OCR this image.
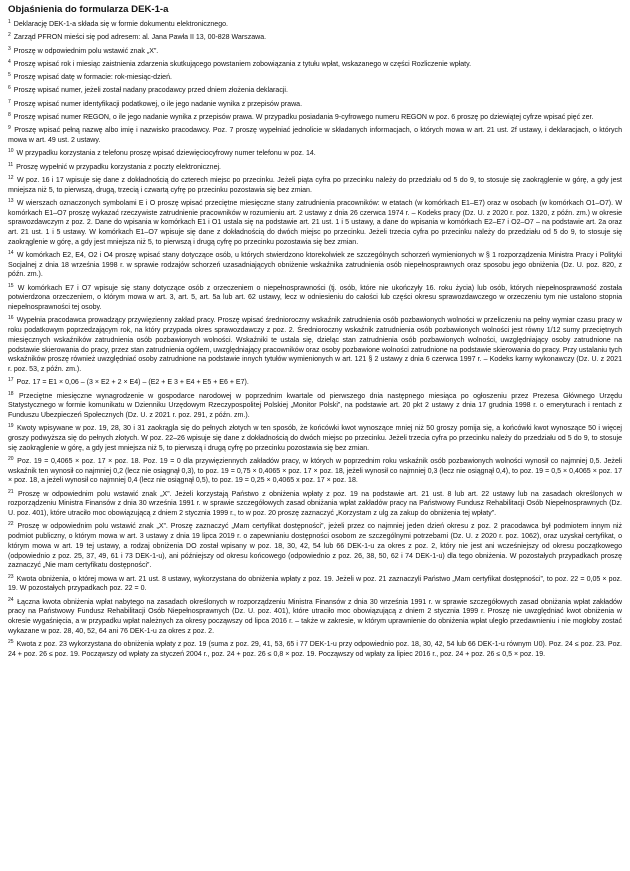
Objaśnienia do formularza DEK-1-a

$^1$ Deklarację DEK-1-a składa się w formie dokumentu elektronicznego.

$^2$ Zarząd PFRON mieści się pod adresem: al. Jana Pawła II 13, 00-828 Warszawa.

$^3$ Proszę w odpowiednim polu wstawić znak „X”.

$^4$ Proszę wpisać rok i miesiąc zaistnienia zdarzenia skutkującego powstaniem zobowiązania z tytułu wpłat, wskazanego w części Rozliczenie wpłaty.

$^5$ Proszę wpisać datę w formacie: rok-miesiąc-dzień.

$^6$ Proszę wpisać numer, jeżeli został nadany pracodawcy przed dniem złożenia deklaracji.

$^7$ Proszę wpisać numer identyfikacji podatkowej, o ile jego nadanie wynika z przepisów prawa.

$^8$ Proszę wpisać numer REGON, o ile jego nadanie wynika z przepisów prawa. W przypadku posiadania 9-cyfrowego numeru REGON w poz. 6 proszę po dziewiątej cyfrze wpisać pięć zer.

$^9$ Proszę wpisać pełną nazwę albo imię i nazwisko pracodawcy. Poz. 7 proszę wypełniać jednolicie w składanych informacjach, o których mowa w art. 21 ust. 2f ustawy, i deklaracjach, o których mowa w art. 49 ust. 2 ustawy.

$^{10}$ W przypadku korzystania z telefonu proszę wpisać dziewięciocyfrowy numer telefonu w poz. 14.

$^{11}$ Proszę wypełnić w przypadku korzystania z poczty elektronicznej.

$^{12}$ W poz. 16 i 17 wpisuje się dane z dokładnością do czterech miejsc po przecinku. Jeżeli piąta cyfra po przecinku należy do przedziału od 5 do 9, to stosuje się zaokrąglenie w górę, a gdy jest mniejsza niż 5, to pierwszą, drugą, trzecią i czwartą cyfrę po przecinku pozostawia się bez zmian.

$^{13}$ W wierszach oznaczonych symbolami E i O proszę wpisać przeciętne miesięczne stany zatrudnienia pracowników: w etatach (w komórkach E1–E7) oraz w osobach (w komórkach O1–O7). W komórkach E1–O7 proszę wykazać rzeczywiste zatrudnienie pracowników w rozumieniu art. 2 ustawy z dnia 26 czerwca 1974 r. – Kodeks pracy (Dz. U. z 2020 r. poz. 1320, z późn. zm.) w okresie sprawozdawczym z poz. 2. Dane do wpisania w komórkach E1 i O1 ustala się na podstawie art. 21 ust. 1 i 5 ustawy, a dane do wpisania w komórkach E2–E7 i O2–O7 – na podstawie art. 2a oraz art. 21 ust. 1 i 5 ustawy. W komórkach E1–O7 wpisuje się dane z dokładnością do dwóch miejsc po przecinku. Jeżeli trzecia cyfra po przecinku należy do przedziału od 5 do 9, to stosuje się zaokrąglenie w górę, a gdy jest mniejsza niż 5, to pierwszą i drugą cyfrę po przecinku pozostawia się bez zmian.

$^{14}$ W komórkach E2, E4, O2 i O4 proszę wpisać stany dotyczące osób, u których stwierdzono ktorekolwiek ze szczególnych schorzeń wymienionych w § 1 rozporządzenia Ministra Pracy i Polityki Socjalnej z dnia 18 września 1998 r. w sprawie rodzajów schorzeń uzasadniających obniżenie wskaźnika zatrudnienia osób niepełnosprawnych oraz sposobu jego obniżenia (Dz. U. poz. 820, z późn. zm.).

$^{15}$ W komórkach E7 i O7 wpisuje się stany dotyczące osób z orzeczeniem o niepełnosprawności (tj. osób, które nie ukończyły 16. roku życia) lub osób, których niepełnosprawność została potwierdzona orzeczeniem, o którym mowa w art. 3, art. 5, art. 5a lub art. 62 ustawy, lecz w odniesieniu do całości lub części okresu sprawozdawczego w orzeczeniu tym nie ustalono stopnia niepełnosprawności tej osoby.

$^{16}$ Wypełnia pracodawca prowadzący przywięzienny zakład pracy. Proszę wpisać średnioroczny wskaźnik zatrudnienia osób pozbawionych wolności w przeliczeniu na pełny wymiar czasu pracy w roku podatkowym poprzedzającym rok, na który przypada okres sprawozdawczy z poz. 2. Średnioroczny wskaźnik zatrudnienia osób pozbawionych wolności jest równy 1/12 sumy przeciętnych miesięcznych wskaźników zatrudnienia osób pozbawionych wolności. Wskaźniki te ustala się, dzieląc stan zatrudnienia osób pozbawionych wolności, uwzględniający osoby zatrudnione na podstawie skierowania do pracy, przez stan zatrudnienia ogółem, uwzględniający pracowników oraz osoby pozbawione wolności zatrudnione na podstawie skierowania do pracy. Przy ustalaniu tych wskaźników proszę również uwzględniać osoby zatrudnione na podstawie innych tytułów wymienionych w art. 121 § 2 ustawy z dnia 6 czerwca 1997 r. – Kodeks karny wykonawczy (Dz. U. z 2021 r. poz. 53, z późn. zm.).

$^{17}$ Poz. 17 = E1 × 0,06 – (3 × E2 + 2 × E4) – (E2 + E 3 + E4 + E5 + E6 + E7).

$^{18}$ Przeciętne miesięczne wynagrodzenie w gospodarce narodowej w poprzednim kwartale od pierwszego dnia następnego miesiąca po ogłoszeniu przez Prezesa Głównego Urzędu Statystycznego w formie komunikatu w Dzienniku Urzędowym Rzeczypospolitej Polskiej „Monitor Polski”, na podstawie art. 20 pkt 2 ustawy z dnia 17 grudnia 1998 r. o emeryturach i rentach z Funduszu Ubezpieczeń Społecznych (Dz. U. z 2021 r. poz. 291, z późn. zm.).

$^{19}$ Kwoty wpisywane w poz. 19, 28, 30 i 31 zaokrągla się do pełnych złotych w ten sposób, że końcówki kwot wynoszące mniej niż 50 groszy pomija się, a końcówki kwot wynoszące 50 i więcej groszy podwyższa się do pełnych złotych. W poz. 22–26 wpisuje się dane z dokładnością do dwóch miejsc po przecinku. Jeżeli trzecia cyfra po przecinku należy do przedziału od 5 do 9, to stosuje się zaokrąglenie w górę, a gdy jest mniejsza niż 5, to pierwszą i drugą cyfrę po przecinku pozostawia się bez zmian.

$^{20}$ Poz. 19 = 0,4065 × poz. 17 × poz. 18. Poz. 19 = 0 dla przywięziennych zakładów pracy, w których w poprzednim roku wskaźnik osób pozbawionych wolności wynosił co najmniej 0,5. Jeżeli wskaźnik ten wynosił co najmniej 0,2 (lecz nie osiągnął 0,3), to poz. 19 = 0,75 × 0,4065 × poz. 17 × poz. 18, jeżeli wynosił co najmniej 0,3 (lecz nie osiągnął 0,4), to poz. 19 = 0,5 × 0,4065 × poz. 17 × poz. 18, a jeżeli wynosił co najmniej 0,4 (lecz nie osiągnął 0,5), to poz. 19 = 0,25 × 0,4065 x poz. 17 × poz. 18.

$^{21}$ Proszę w odpowiednim polu wstawić znak „X”. Jeżeli korzystają Państwo z obniżenia wpłaty z poz. 19 na podstawie art. 21 ust. 8 lub art. 22 ustawy lub na zasadach określonych w rozporządzeniu Ministra Finansów z dnia 30 września 1991 r. w sprawie szczegółowych zasad obniżania wpłat zakładów pracy na Państwowy Fundusz Rehabilitacji Osób Niepełnosprawnych (Dz. U. poz. 401), które utraciło moc obowiązującą z dniem 2 stycznia 1999 r., to w poz. 20 proszę zaznaczyć „Korzystam z ulg za zakup do obniżenia tej wpłaty”.

$^{22}$ Proszę w odpowiednim polu wstawić znak „X”. Proszę zaznaczyć „Mam certyfikat dostępności”, jeżeli przez co najmniej jeden dzień okresu z poz. 2 pracodawca był podmiotem innym niż podmiot publiczny, o którym mowa w art. 3 ustawy z dnia 19 lipca 2019 r. o zapewnianiu dostępności osobom ze szczególnymi potrzebami (Dz. U. z 2020 r. poz. 1062), oraz uzyskał certyfikat, o którym mowa w art. 19 tej ustawy, a rodzaj obniżenia DO został wpisany w poz. 18, 30, 42, 54 lub 66 DEK-1-u za okres z poz. 2, który nie jest ani wcześniejszy od okresu początkowego (odpowiednio z poz. 25, 37, 49, 61 i 73 DEK-1-u), ani późniejszy od okresu końcowego (odpowiednio z poz. 26, 38, 50, 62 i 74 DEK-1-u) dla tego obniżenia. W pozostałych przypadkach proszę zaznaczyć „Nie mam certyfikatu dostępności”.

$^{23}$ Kwota obniżenia, o której mowa w art. 21 ust. 8 ustawy, wykorzystana do obniżenia wpłaty z poz. 19. Jeżeli w poz. 21 zaznaczyli Państwo „Mam certyfikat dostępności”, to poz. 22 = 0,05 × poz. 19. W pozostałych przypadkach poz. 22 = 0.

$^{24}$ Łączna kwota obniżenia wpłat nabytego na zasadach określonych w rozporządzeniu Ministra Finansów z dnia 30 września 1991 r. w sprawie szczegółowych zasad obniżania wpłat zakładów pracy na Państwowy Fundusz Rehabilitacji Osób Niepełnosprawnych (Dz. U. poz. 401), które utraciło moc obowiązującą z dniem 2 stycznia 1999 r. Proszę nie uwzględniać kwot obniżenia w okresie wygaśnięcia, a w przypadku wpłat należnych za okresy począwszy od lipca 2016 r. – także w zakresie, w którym uprawnienie do obniżenia wpłat uległo przedawnieniu i nie mogłoby zostać wykazane w poz. 28, 40, 52, 64 ani 76 DEK-1-u za okres z poz. 2.

$^{25}$ Kwota z poz. 23 wykorzystana do obniżenia wpłaty z poz. 19 (suma z poz. 29, 41, 53, 65 i 77 DEK-1-u przy odpowiednio poz. 18, 30, 42, 54 lub 66 DEK-1-u równym U0). Poz. 24 ≤ poz. 23. Poz. 24 + poz. 26 ≤ poz. 19. Począwszy od wpłaty za styczeń 2004 r., poz. 24 + poz. 26 ≤ 0,8 × poz. 19. Począwszy od wpłaty za lipiec 2016 r., poz. 24 + poz. 26 ≤ 0,5 × poz. 19.
